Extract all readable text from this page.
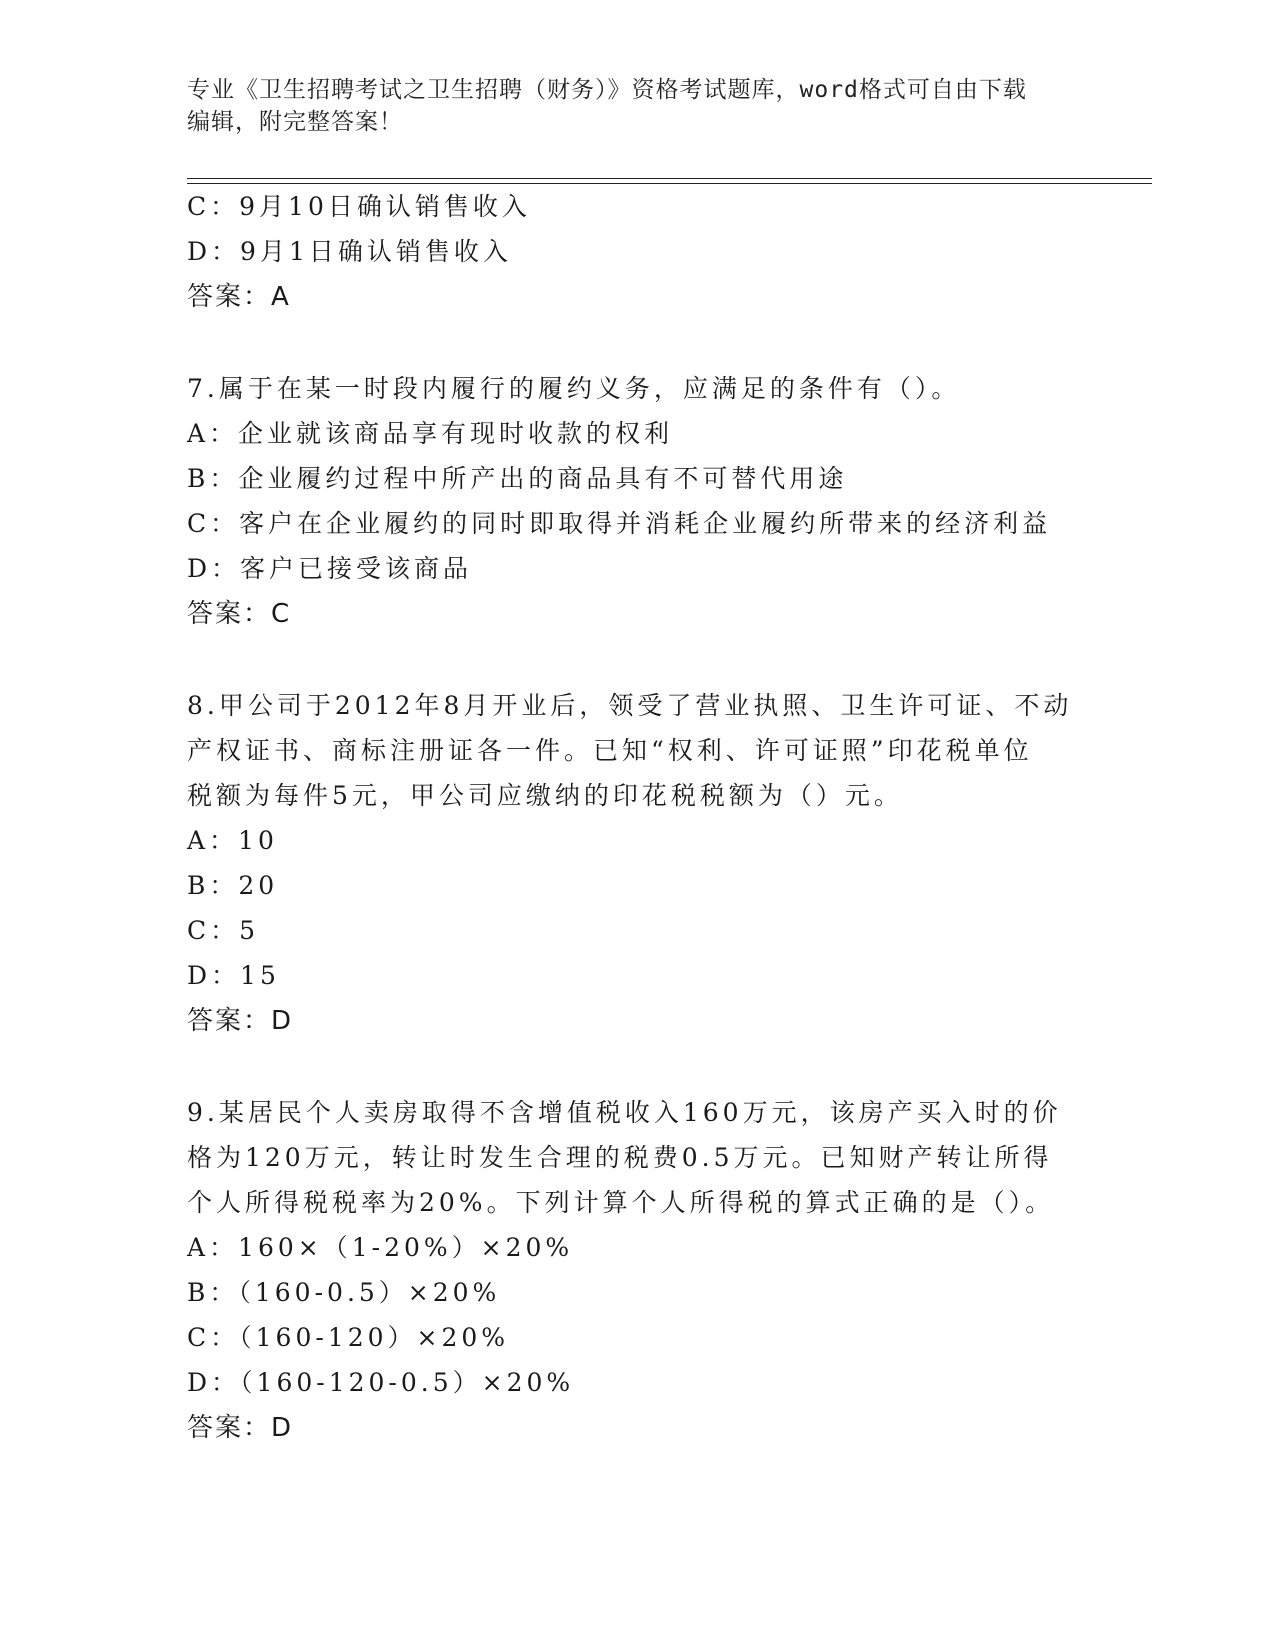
专业《卫生招聘考试之卫生招聘（财务）》资格考试题库，word格式可自由下载
编辑，附完整答案！
C：9月10日确认销售收入
D：9月1日确认销售收入
答案：A
7.属于在某一时段内履行的履约义务，应满足的条件有（）。
A：企业就该商品享有现时收款的权利
B：企业履约过程中所产出的商品具有不可替代用途
C：客户在企业履约的同时即取得并消耗企业履约所带来的经济利益
D：客户已接受该商品
答案：C
8.甲公司于2012年8月开业后，领受了营业执照、卫生许可证、不动
产权证书、商标注册证各一件。已知“权利、许可证照”印花税单位
税额为每件5元，甲公司应缴纳的印花税税额为（）元。
A：10
B：20
C：5
D：15
答案：D
9.某居民个人卖房取得不含增值税收入160万元，该房产买入时的价
格为120万元，转让时发生合理的税费0.5万元。已知财产转让所得
个人所得税税率为20%。下列计算个人所得税的算式正确的是（）。
A：160×（1-20%）×20%
B：（160-0.5）×20%
C：（160-120）×20%
D：（160-120-0.5）×20%
答案：D
